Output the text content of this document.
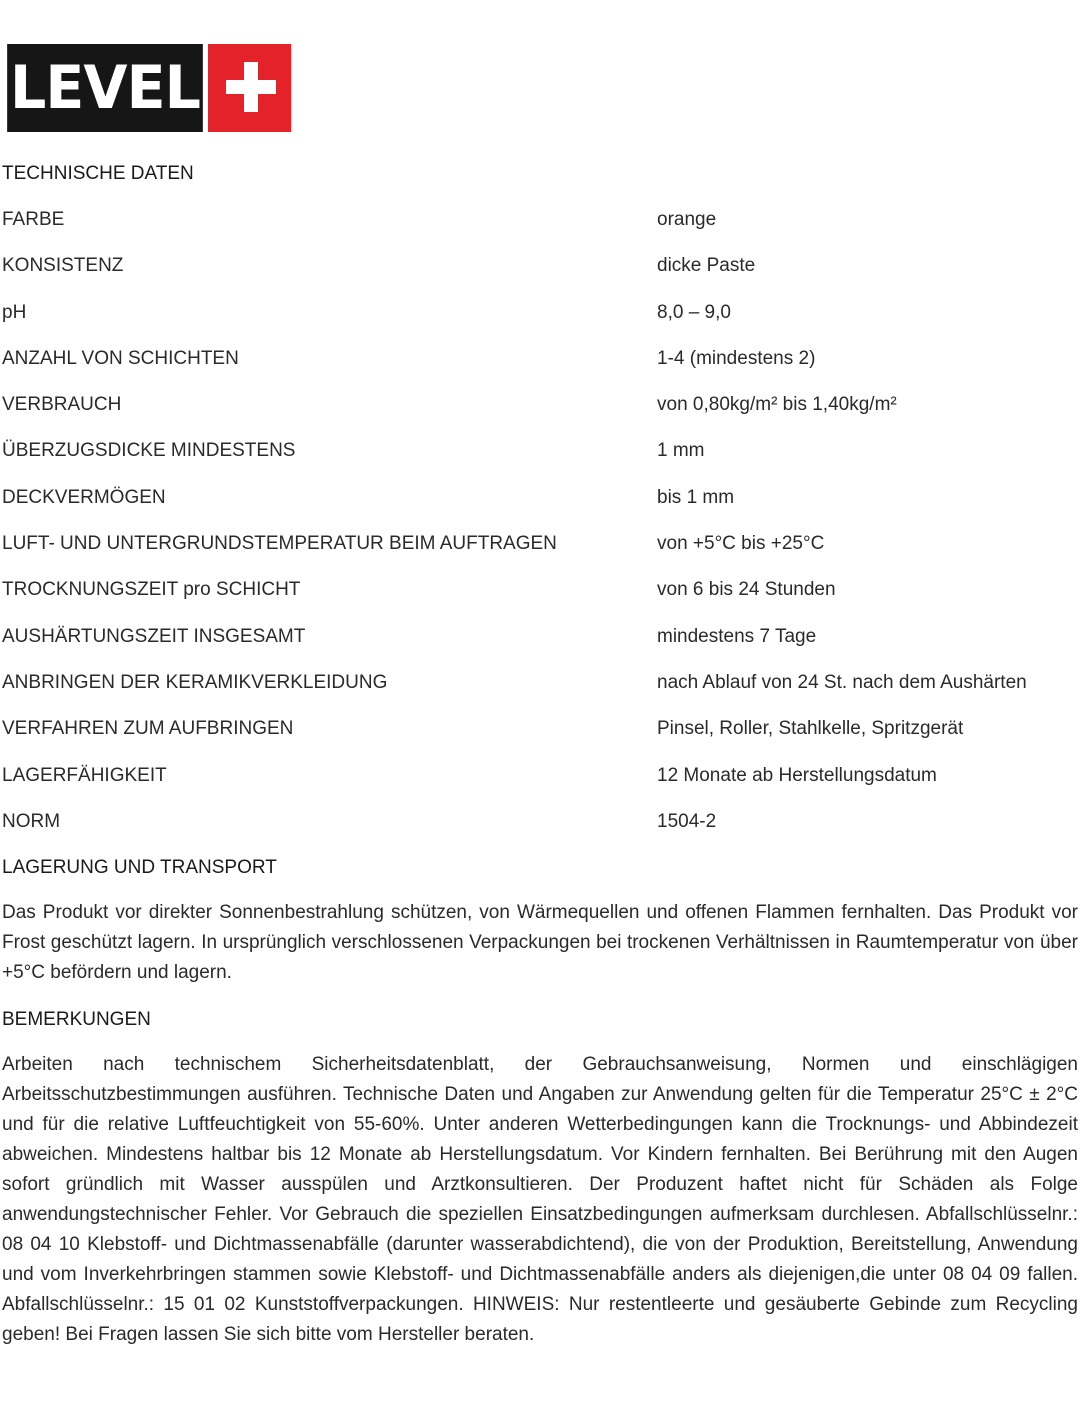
LEVEL
TECHNISCHE DATEN
FARBE	orange
KONSISTENZ	dicke Paste
pH	8,0 – 9,0
ANZAHL VON SCHICHTEN	1-4 (mindestens 2)
VERBRAUCH	von 0,80kg/m² bis 1,40kg/m²
ÜBERZUGSDICKE MINDESTENS	1 mm
DECKVERMÖGEN	bis 1 mm
LUFT- UND UNTERGRUNDSTEMPERATUR BEIM AUFTRAGEN	von +5°C bis +25°C
TROCKNUNGSZEIT pro SCHICHT	von 6 bis 24 Stunden
AUSHÄRTUNGSZEIT INSGESAMT	mindestens 7 Tage
ANBRINGEN DER KERAMIKVERKLEIDUNG	nach Ablauf von 24 St. nach dem Aushärten
VERFAHREN ZUM AUFBRINGEN	Pinsel, Roller, Stahlkelle, Spritzgerät
LAGERFÄHIGKEIT	12 Monate ab Herstellungsdatum
NORM	1504-2
LAGERUNG UND TRANSPORT

Das Produkt vor direkter Sonnenbestrahlung schützen, von Wärmequellen und offenen Flammen fernhalten. Das Produkt vor Frost geschützt lagern. In ursprünglich verschlossenen Verpackungen bei trockenen Verhältnissen in Raumtemperatur von über +5°C befördern und lagern.

BEMERKUNGEN

Arbeiten nach technischem Sicherheitsdatenblatt, der Gebrauchsanweisung, Normen und einschlägigen Arbeitsschutzbestimmungen ausführen. Technische Daten und Angaben zur Anwendung gelten für die Temperatur 25°C ± 2°C und für die relative Luftfeuchtigkeit von 55-60%. Unter anderen Wetterbedingungen kann die Trocknungs- und Abbindezeit abweichen. Mindestens haltbar bis 12 Monate ab Herstellungsdatum. Vor Kindern fernhalten. Bei Berührung mit den Augen sofort gründlich mit Wasser ausspülen und Arztkonsultieren. Der Produzent haftet nicht für Schäden als Folge anwendungstechnischer Fehler. Vor Gebrauch die speziellen Einsatzbedingungen aufmerksam durchlesen. Abfallschlüsselnr.: 08 04 10 Klebstoff- und Dichtmassenabfälle (darunter wasserabdichtend), die von der Produktion, Bereitstellung, Anwendung und vom Inverkehrbringen stammen sowie Klebstoff- und Dichtmassenabfälle anders als diejenigen,die unter 08 04 09 fallen. Abfallschlüsselnr.: 15 01 02 Kunststoffverpackungen. HINWEIS: Nur restentleerte und gesäuberte Gebinde zum Recycling geben! Bei Fragen lassen Sie sich bitte vom Hersteller beraten.
